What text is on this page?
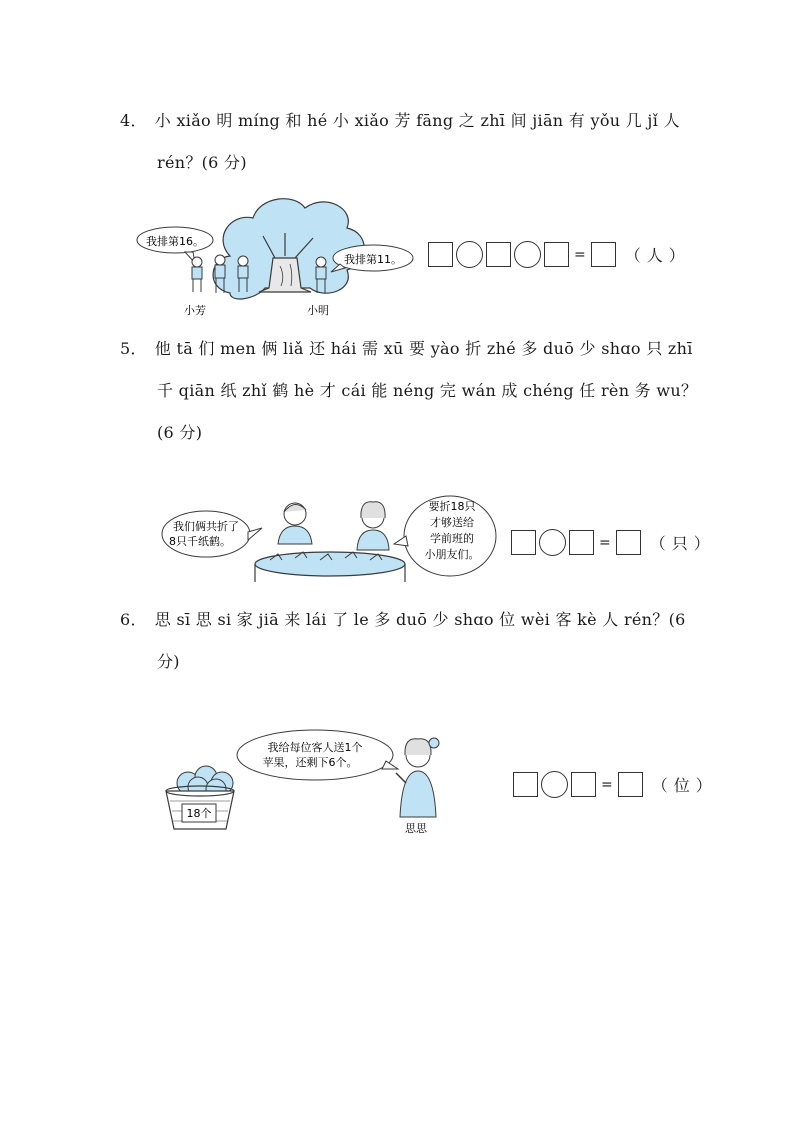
4． 小 xiǎo 明 míng 和 hé 小 xiǎo 芳 fāng 之 zhī 间 jiān 有 yǒu 几 jǐ 人
rén？(6 分)
我排第16。
我排第11。
小芳	小明
= （人）
5． 他 tā 们 men 俩 liǎ 还 hái 需 xū 要 yào 折 zhé 多 duō 少 shɑo 只 zhī
千 qiān 纸 zhǐ 鹤 hè 才 cái 能 néng 完 wán 成 chéng 任 rèn 务 wu？
(6 分)
我们俩共折了
8只千纸鹤。
要折18只
才够送给
学前班的
小朋友们。
= （只）
6． 思 sī 思 si 家 jiā 来 lái 了 le 多 duō 少 shɑo 位 wèi 客 kè 人 rén？(6
分)
18个
我给每位客人送1个
苹果，还剩下6个。
思思
= （位）
